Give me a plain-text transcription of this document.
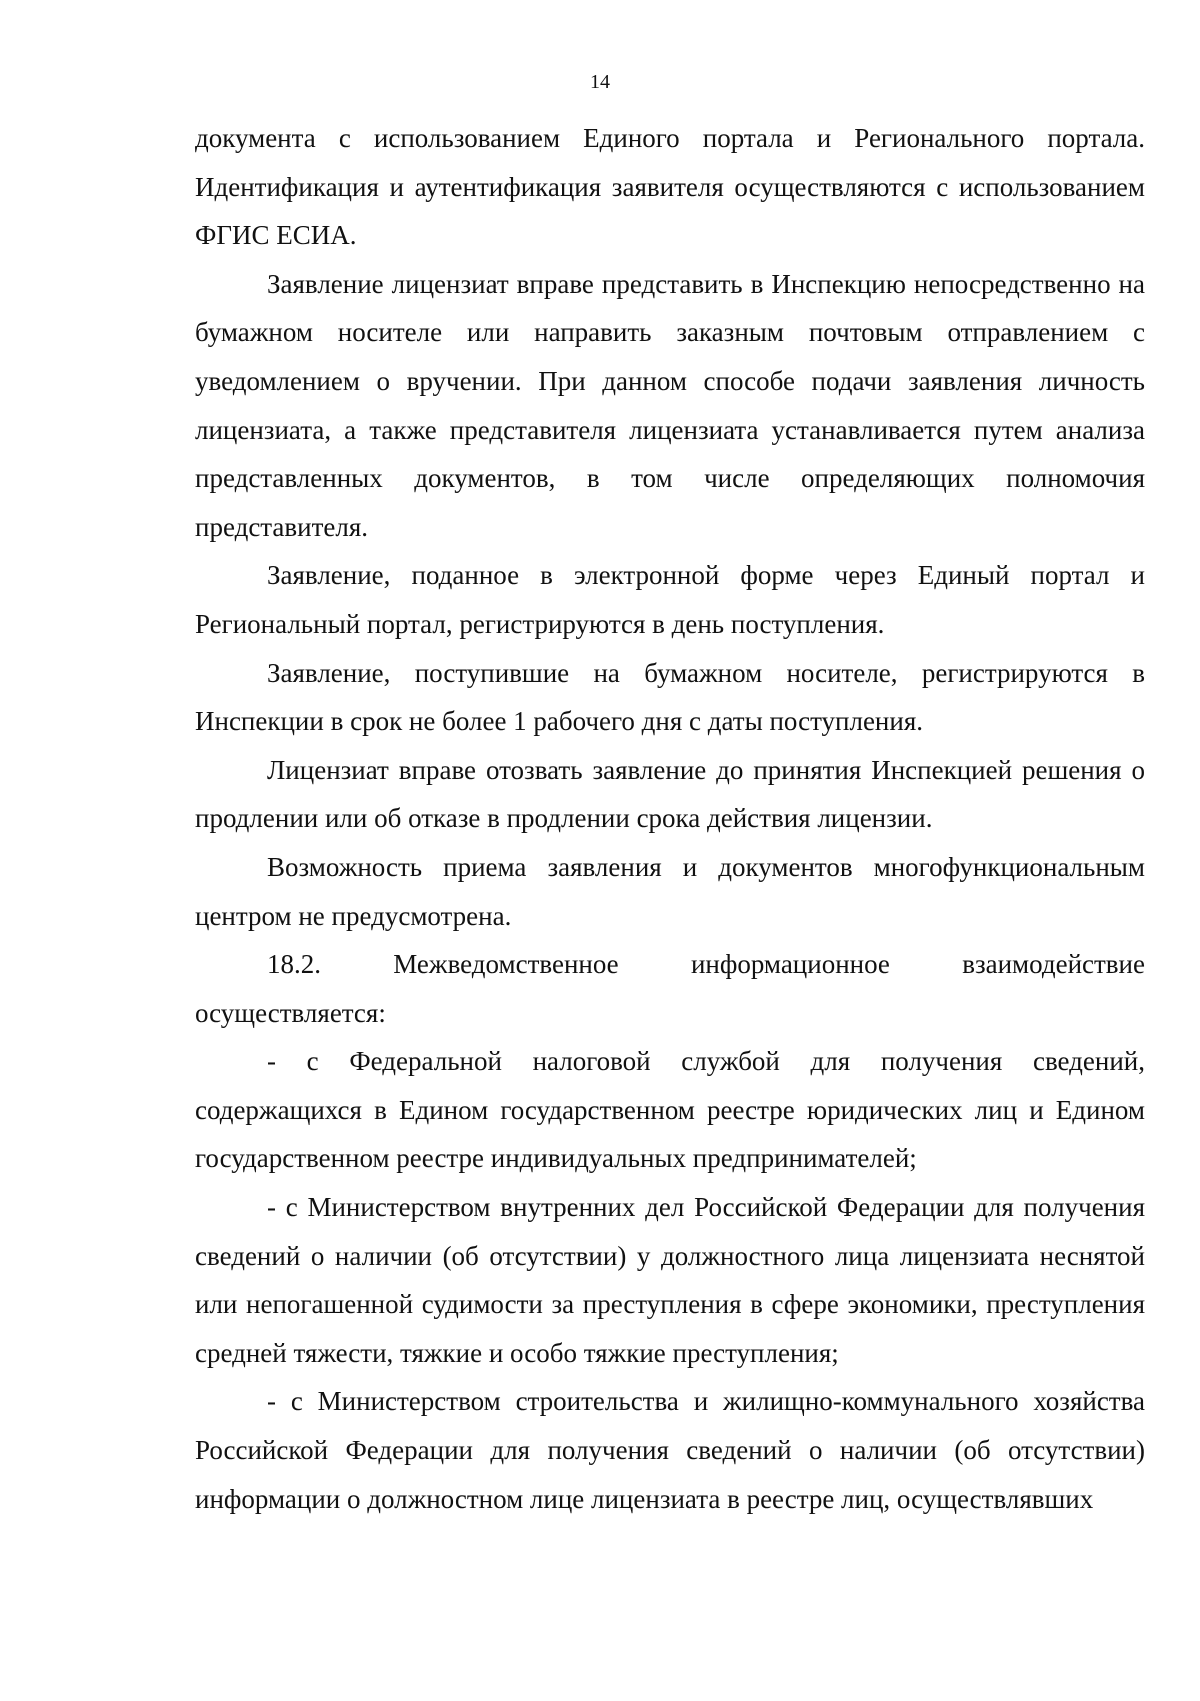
14

документа с использованием Единого портала и Регионального портала. Идентификация и аутентификация заявителя осуществляются с использованием ФГИС ЕСИА.

Заявление лицензиат вправе представить в Инспекцию непосредственно на бумажном носителе или направить заказным почтовым отправлением с уведомлением о вручении. При данном способе подачи заявления личность лицензиата, а также представителя лицензиата устанавливается путем анализа представленных документов, в том числе определяющих полномочия представителя.

Заявление, поданное в электронной форме через Единый портал и Региональный портал, регистрируются в день поступления.

Заявление, поступившие на бумажном носителе, регистрируются в Инспекции в срок не более 1 рабочего дня с даты поступления.

Лицензиат вправе отозвать заявление до принятия Инспекцией решения о продлении или об отказе в продлении срока действия лицензии.

Возможность приема заявления и документов многофункциональным центром не предусмотрена.

18.2. Межведомственное информационное взаимодействие осуществляется:

- с Федеральной налоговой службой для получения сведений, содержащихся в Едином государственном реестре юридических лиц и Едином государственном реестре индивидуальных предпринимателей;

- с Министерством внутренних дел Российской Федерации для получения сведений о наличии (об отсутствии) у должностного лица лицензиата неснятой или непогашенной судимости за преступления в сфере экономики, преступления средней тяжести, тяжкие и особо тяжкие преступления;

- с Министерством строительства и жилищно-коммунального хозяйства Российской Федерации для получения сведений о наличии (об отсутствии) информации о должностном лице лицензиата в реестре лиц, осуществлявших
